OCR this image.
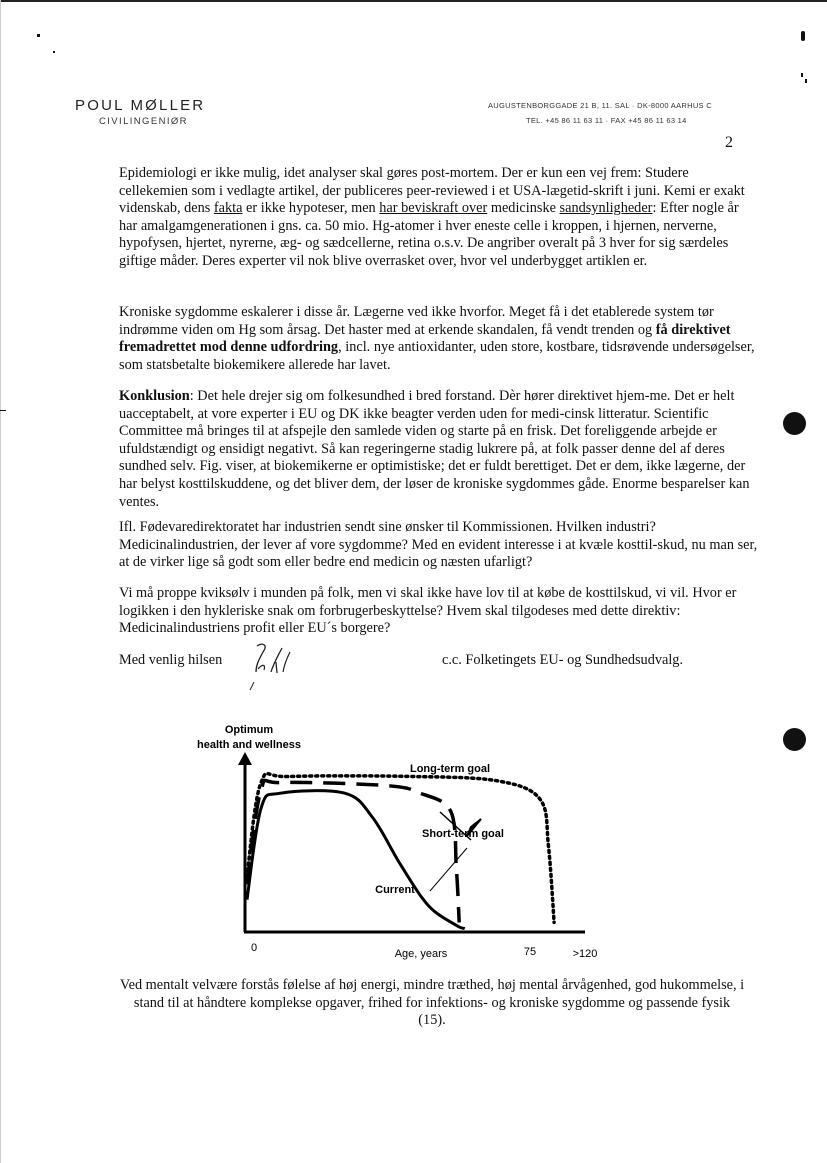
POUL MØLLER
CIVILINGENIØR
AUGUSTENBORGGADE 21 B, 11. SAL · DK-8000 AARHUS C
TEL. +45 86 11 63 11 · FAX +45 86 11 63 14
2

Epidemiologi er ikke mulig, idet analyser skal gøres post-mortem. Der er kun een vej frem: Studere cellekemien som i vedlagte artikel, der publiceres peer-reviewed i et USA-lægetid-skrift i juni. Kemi er exakt videnskab, dens fakta er ikke hypoteser, men har beviskraft over medicinske sandsynligheder: Efter nogle år har amalgamgenerationen i gns. ca. 50 mio. Hg-atomer i hver eneste celle i kroppen, i hjernen, nerverne, hypofysen, hjertet, nyrerne, æg- og sædcellerne, retina o.s.v. De angriber overalt på 3 hver for sig særdeles giftige måder. Deres experter vil nok blive overrasket over, hvor vel underbygget artiklen er.

Kroniske sygdomme eskalerer i disse år. Lægerne ved ikke hvorfor. Meget få i det etablerede system tør indrømme viden om Hg som årsag. Det haster med at erkende skandalen, få vendt trenden og få direktivet fremadrettet mod denne udfordring, incl. nye antioxidanter, uden store, kostbare, tidsrøvende undersøgelser, som statsbetalte biokemikere allerede har lavet.

Konklusion: Det hele drejer sig om folkesundhed i bred forstand. Dèr hører direktivet hjem-me. Det er helt uacceptabelt, at vore experter i EU og DK ikke beagter verden uden for medi-cinsk litteratur. Scientific Committee må bringes til at afspejle den samlede viden og starte på en frisk. Det foreliggende arbejde er ufuldstændigt og ensidigt negativt. Så kan regeringerne stadig lukrere på, at folk passer denne del af deres sundhed selv. Fig. viser, at biokemikerne er optimistiske; det er fuldt berettiget. Det er dem, ikke lægerne, der har belyst kosttilskuddene, og det bliver dem, der løser de kroniske sygdommes gåde. Enorme besparelser kan ventes.

Ifl. Fødevaredirektoratet har industrien sendt sine ønsker til Kommissionen. Hvilken industri? Medicinalindustrien, der lever af vore sygdomme? Med en evident interesse i at kvæle kosttil-skud, nu man ser, at de virker lige så godt som eller bedre end medicin og næsten ufarligt?

Vi må proppe kviksølv i munden på folk, men vi skal ikke have lov til at købe de kosttilskud, vi vil. Hvor er logikken i den hykleriske snak om forbrugerbeskyttelse? Hvem skal tilgodeses med dette direktiv: Medicinalindustriens profit eller EU´s borgere?

Med venlig hilsen	c.c. Folketingets EU- og Sundhedsudvalg.
Optimum
health and wellness
Long-term goal
Short-term goal
Current
0	Age, years	75	>120

Ved mentalt velvære forstås følelse af høj energi, mindre træthed, høj mental årvågenhed, god hukommelse, i stand til at håndtere komplekse opgaver, frihed for infektions- og kroniske sygdomme og passende fysik (15).
